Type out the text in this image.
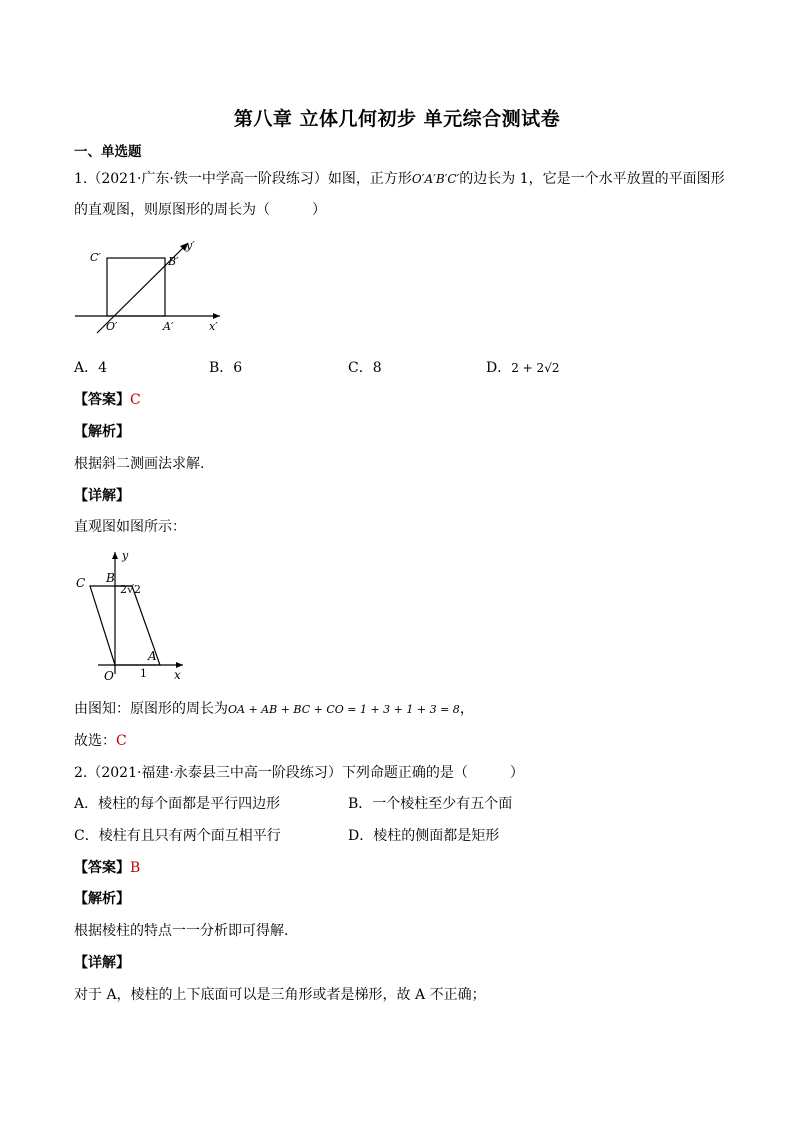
第八章 立体几何初步 单元综合测试卷
一、单选题
1.（2021·广东·铁一中学高一阶段练习）如图，正方形O′A′B′C′的边长为 1，它是一个水平放置的平面图形
的直观图，则原图形的周长为（　　　）
C′	B′
y′
O′	A′	x′
A．4	B．6	C．8	D．2 + 2√2
【答案】C
【解析】
根据斜二测画法求解.
【详解】
直观图如图所示：
y
C B
2√2
A
1
O	x
由图知：原图形的周长为OA + AB + BC + CO = 1 + 3 + 1 + 3 = 8，
故选：C
2.（2021·福建·永泰县三中高一阶段练习）下列命题正确的是（　　　）
A．棱柱的每个面都是平行四边形	B．一个棱柱至少有五个面
C．棱柱有且只有两个面互相平行	D．棱柱的侧面都是矩形
【答案】B
【解析】
根据棱柱的特点一一分析即可得解.
【详解】
对于 A，棱柱的上下底面可以是三角形或者是梯形，故 A 不正确；
